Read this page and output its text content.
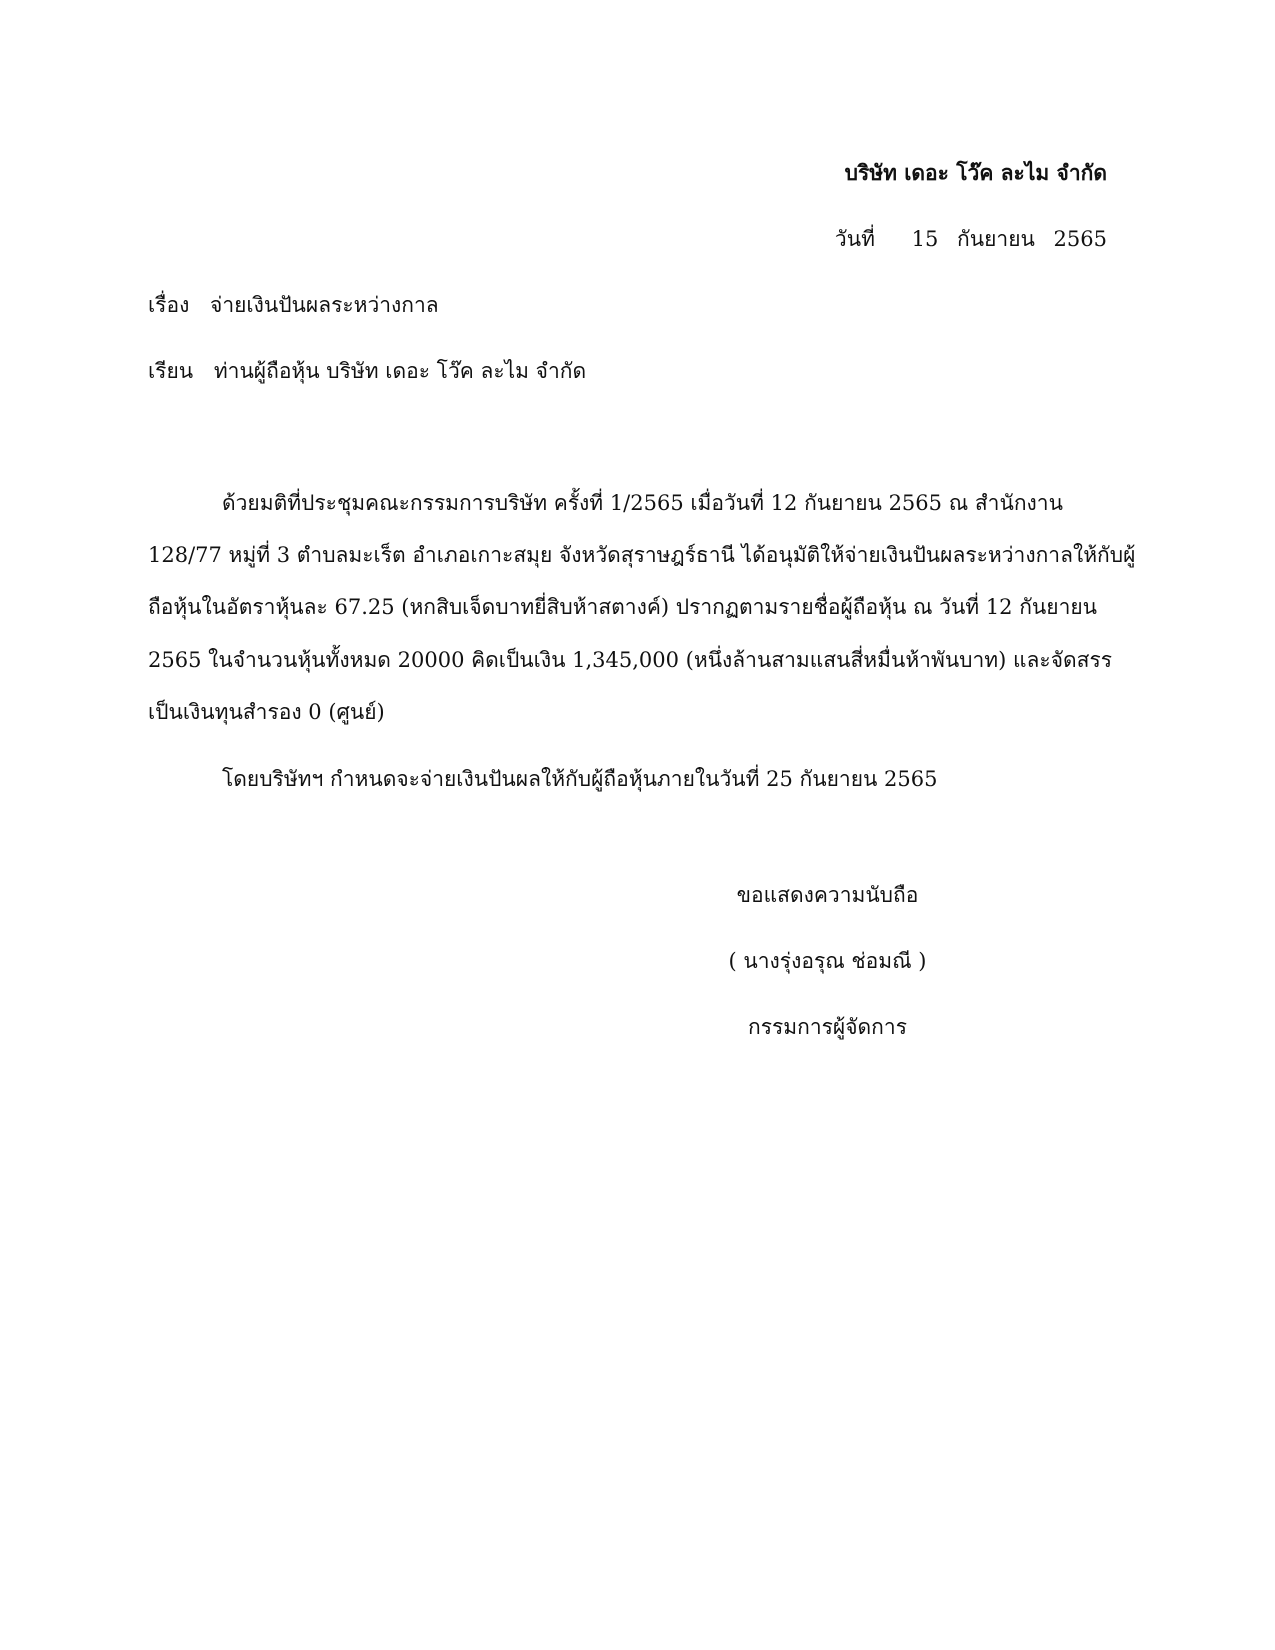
บริษัท เดอะ โว๊ค ละไม จำกัด
วันที่ 15 กันยายน 2565
เรื่อง จ่ายเงินปันผลระหว่างกาล
เรียน ท่านผู้ถือหุ้น บริษัท เดอะ โว๊ค ละไม จำกัด
ด้วยมติที่ประชุมคณะกรรมการบริษัท ครั้งที่ 1/2565 เมื่อวันที่ 12 กันยายน 2565 ณ สำนักงาน
128/77 หมู่ที่ 3 ตำบลมะเร็ต อำเภอเกาะสมุย จังหวัดสุราษฎร์ธานี ได้อนุมัติให้จ่ายเงินปันผลระหว่างกาลให้กับผู้
ถือหุ้นในอัตราหุ้นละ 67.25 (หกสิบเจ็ดบาทยี่สิบห้าสตางค์) ปรากฏตามรายชื่อผู้ถือหุ้น ณ วันที่ 12 กันยายน
2565 ในจำนวนหุ้นทั้งหมด 20000 คิดเป็นเงิน 1,345,000 (หนึ่งล้านสามแสนสี่หมื่นห้าพันบาท) และจัดสรร
เป็นเงินทุนสำรอง 0 (ศูนย์)
โดยบริษัทฯ กำหนดจะจ่ายเงินปันผลให้กับผู้ถือหุ้นภายในวันที่ 25 กันยายน 2565
ขอแสดงความนับถือ
( นางรุ่งอรุณ ช่อมณี )
กรรมการผู้จัดการ
